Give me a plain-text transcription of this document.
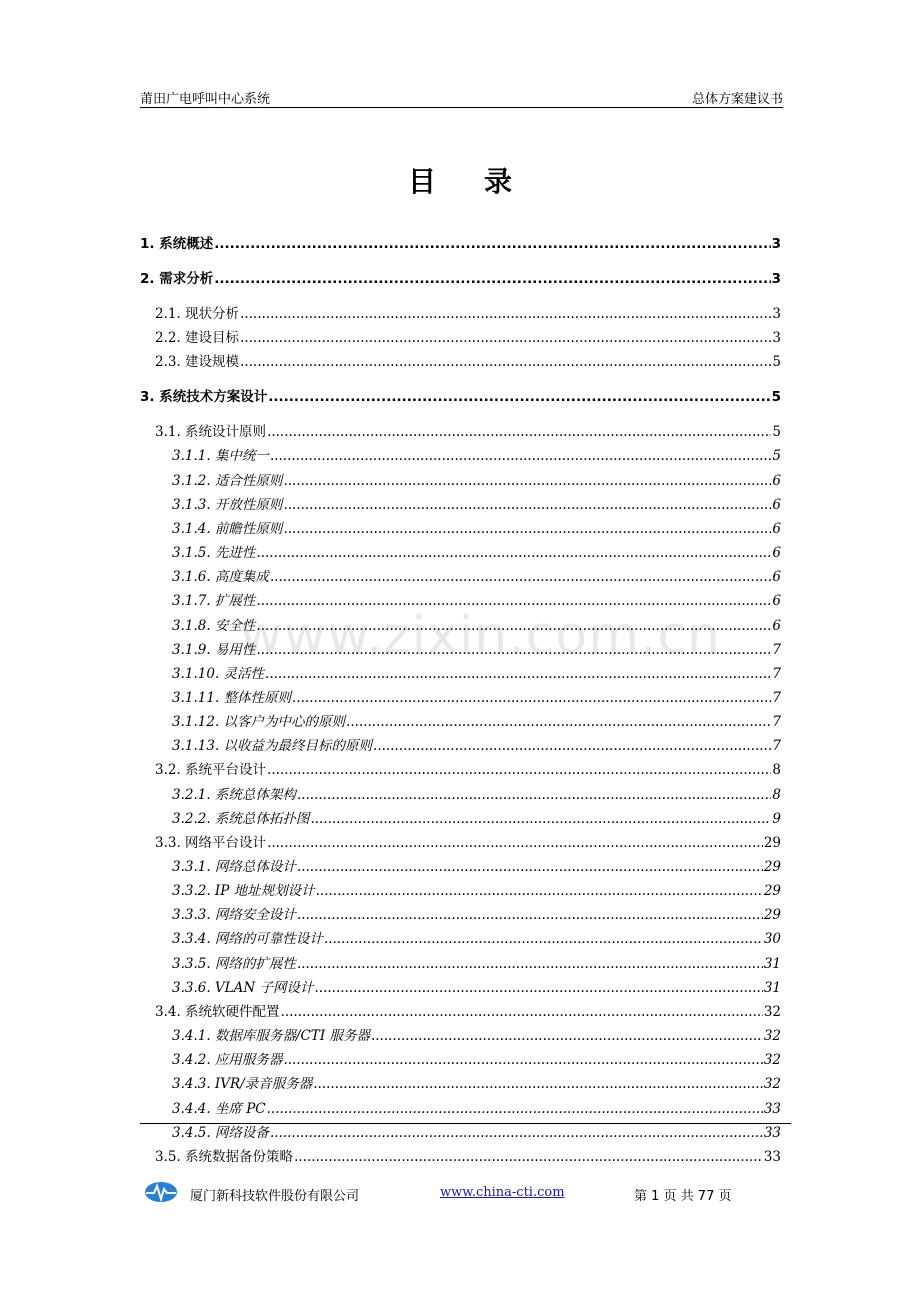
莆田广电呼叫中心系统	总体方案建议书
目录
www.zixin.com.cn
1. 系统概述 .....	3
2. 需求分析 .....	3
2.1. 现状分析 .....	3
2.2. 建设目标 .....	3
2.3. 建设规模 .....	5
3. 系统技术方案设计 .....	5
3.1. 系统设计原则 .....	5
3.1.1. 集中统一 .....	5
3.1.2. 适合性原则 .....	6
3.1.3. 开放性原则 .....	6
3.1.4. 前瞻性原则 .....	6
3.1.5. 先进性 .....	6
3.1.6. 高度集成 .....	6
3.1.7. 扩展性 .....	6
3.1.8. 安全性 .....	6
3.1.9. 易用性 .....	7
3.1.10. 灵活性 .....	7
3.1.11. 整体性原则 .....	7
3.1.12. 以客户为中心的原则 .....	7
3.1.13. 以收益为最终目标的原则 .....	7
3.2. 系统平台设计 .....	8
3.2.1. 系统总体架构 .....	8
3.2.2. 系统总体拓扑图 .....	9
3.3. 网络平台设计 .....	29
3.3.1. 网络总体设计 .....	29
3.3.2. IP 地址规划设计 .....	29
3.3.3. 网络安全设计 .....	29
3.3.4. 网络的可靠性设计 .....	30
3.3.5. 网络的扩展性 .....	31
3.3.6. VLAN 子网设计 .....	31
3.4. 系统软硬件配置 .....	32
3.4.1. 数据库服务器/CTI 服务器 .....	32
3.4.2. 应用服务器 .....	32
3.4.3. IVR/录音服务器 .....	32
3.4.4. 坐席 PC .....	33
3.4.5. 网络设备 .....	33
3.5. 系统数据备份策略 .....	33
厦门新科技软件股份有限公司	www.china-cti.com	第 1 页 共 77 页
